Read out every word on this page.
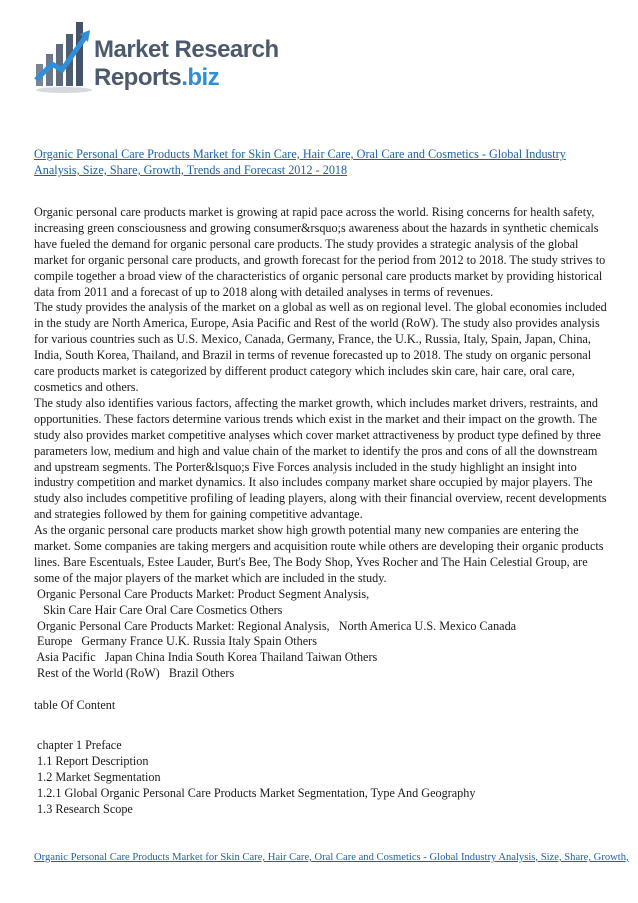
Market Research
Reports.biz
Organic Personal Care Products Market for Skin Care, Hair Care, Oral Care and Cosmetics - Global Industry Analysis, Size, Share, Growth, Trends and Forecast 2012 - 2018

Organic personal care products market is growing at rapid pace across the world. Rising concerns for health safety, increasing green consciousness and growing consumer&rsquo;s awareness about the hazards in synthetic chemicals have fueled the demand for organic personal care products. The study provides a strategic analysis of the global market for organic personal care products, and growth forecast for the period from 2012 to 2018. The study strives to compile together a broad view of the characteristics of organic personal care products market by providing historical data from 2011 and a forecast of up to 2018 along with detailed analyses in terms of revenues.

The study provides the analysis of the market on a global as well as on regional level. The global economies included in the study are North America, Europe, Asia Pacific and Rest of the world (RoW). The study also provides analysis for various countries such as U.S. Mexico, Canada, Germany, France, the U.K., Russia, Italy, Spain, Japan, China, India, South Korea, Thailand, and Brazil in terms of revenue forecasted up to 2018. The study on organic personal care products market is categorized by different product category which includes skin care, hair care, oral care, cosmetics and others.

The study also identifies various factors, affecting the market growth, which includes market drivers, restraints, and opportunities. These factors determine various trends which exist in the market and their impact on the growth. The study also provides market competitive analyses which cover market attractiveness by product type defined by three parameters low, medium and high and value chain of the market to identify the pros and cons of all the downstream and upstream segments. The Porter&lsquo;s Five Forces analysis included in the study highlight an insight into industry competition and market dynamics. It also includes company market share occupied by major players. The study also includes competitive profiling of leading players, along with their financial overview, recent developments and strategies followed by them for gaining competitive advantage.

As the organic personal care products market show high growth potential many new companies are entering the market. Some companies are taking mergers and acquisition route while others are developing their organic products lines. Bare Escentuals, Estee Lauder, Burt's Bee, The Body Shop, Yves Rocher and The Hain Celestial Group, are some of the major players of the market which are included in the study.

Organic Personal Care Products Market: Product Segment Analysis,

Skin Care Hair Care Oral Care Cosmetics Others

Organic Personal Care Products Market: Regional Analysis,   North America U.S. Mexico Canada

Europe   Germany France U.K. Russia Italy Spain Others

Asia Pacific   Japan China India South Korea Thailand Taiwan Others

Rest of the World (RoW)   Brazil Others

table Of Content

chapter 1 Preface

1.1 Report Description

1.2 Market Segmentation

1.2.1 Global Organic Personal Care Products Market Segmentation, Type And Geography

1.3 Research Scope

Organic Personal Care Products Market for Skin Care, Hair Care, Oral Care and Cosmetics - Global Industry Analysis, Size, Share, Growth,
